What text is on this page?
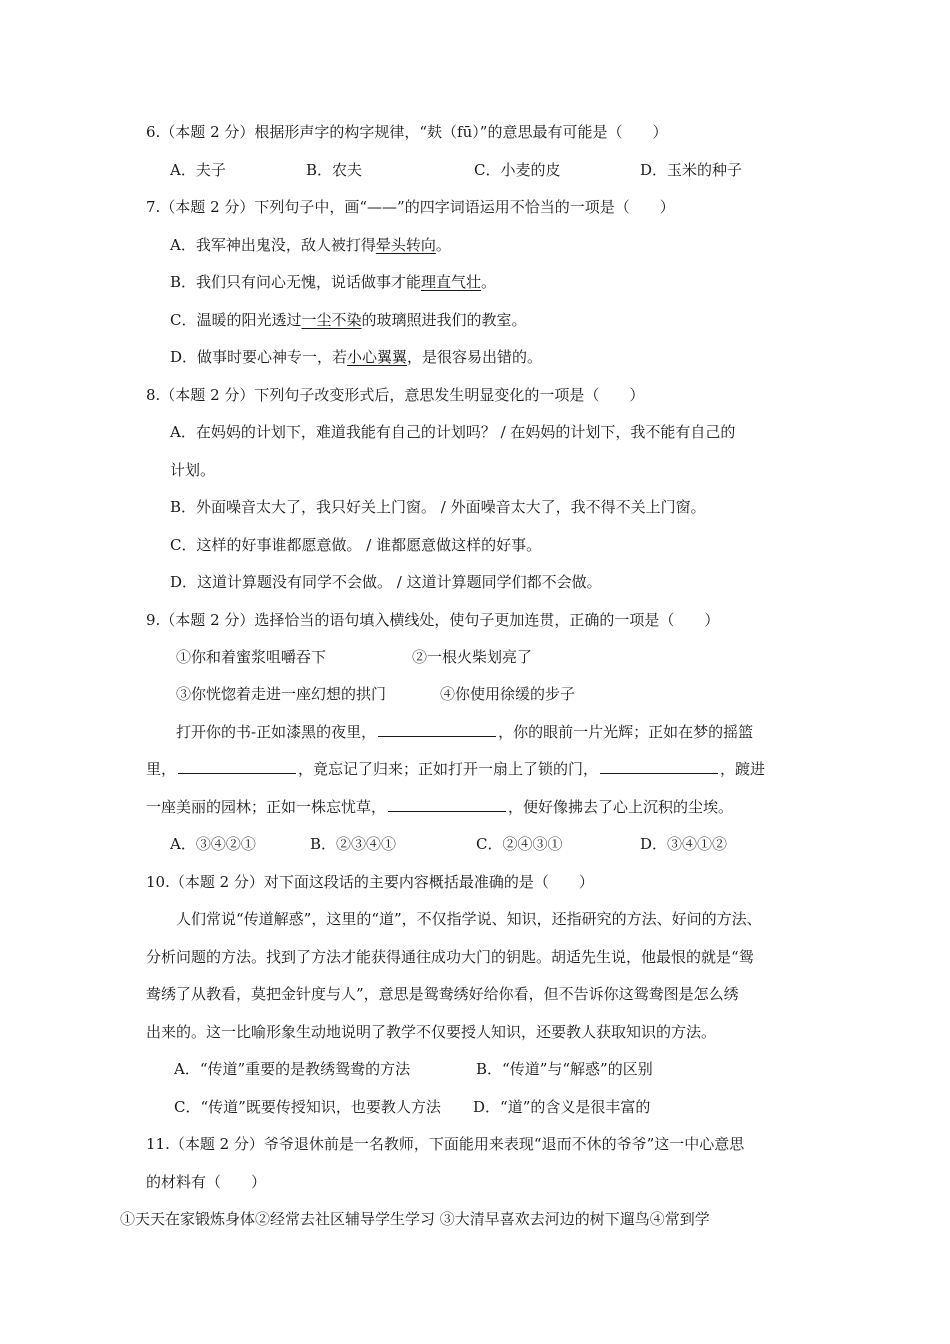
6.（本题 2 分）根据形声字的构字规律，“麸（fū）”的意思最有可能是（　　）
A．夫子	B．农夫	C．小麦的皮	D．玉米的种子
7.（本题 2 分）下列句子中，画“——”的四字词语运用不恰当的一项是（　　）
A．我军神出鬼没，敌人被打得晕头转向。
B．我们只有问心无愧，说话做事才能理直气壮。
C．温暖的阳光透过一尘不染的玻璃照进我们的教室。
D．做事时要心神专一，若小心翼翼，是很容易出错的。
8.（本题 2 分）下列句子改变形式后，意思发生明显变化的一项是（　　）
A．在妈妈的计划下，难道我能有自己的计划吗？ / 在妈妈的计划下，我不能有自己的
计划。
B．外面噪音太大了，我只好关上门窗。 / 外面噪音太大了，我不得不关上门窗。
C．这样的好事谁都愿意做。 / 谁都愿意做这样的好事。
D．这道计算题没有同学不会做。 / 这道计算题同学们都不会做。
9.（本题 2 分）选择恰当的语句填入横线处，使句子更加连贯，正确的一项是（　　）
①你和着蜜浆咀嚼吞下	②一根火柴划亮了
③你恍惚着走进一座幻想的拱门	④你使用徐缓的步子
打开你的书-正如漆黑的夜里，	，你的眼前一片光辉；正如在梦的摇篮
里，	，竟忘记了归来；正如打开一扇上了锁的门，	，踱进
一座美丽的园林；正如一株忘忧草，	，便好像拂去了心上沉积的尘埃。
A．③④②①	B．②③④①	C．②④③①	D．③④①②
10.（本题 2 分）对下面这段话的主要内容概括最准确的是（　　）
人们常说“传道解惑”，这里的“道”，不仅指学说、知识，还指研究的方法、好问的方法、
分析问题的方法。找到了方法才能获得通往成功大门的钥匙。胡适先生说，他最恨的就是“鸳
鸯绣了从教看，莫把金针度与人”，意思是鸳鸯绣好给你看，但不告诉你这鸳鸯图是怎么绣
出来的。这一比喻形象生动地说明了教学不仅要授人知识，还要教人获取知识的方法。
A．“传道”重要的是教绣鸳鸯的方法	B．“传道”与“解惑”的区别
C．“传道”既要传授知识，也要教人方法 D．“道”的含义是很丰富的
11.（本题 2 分）爷爷退休前是一名教师，下面能用来表现“退而不休的爷爷”这一中心意思
的材料有（　　）
①天天在家锻炼身体②经常去社区辅导学生学习 ③大清早喜欢去河边的树下遛鸟④常到学
